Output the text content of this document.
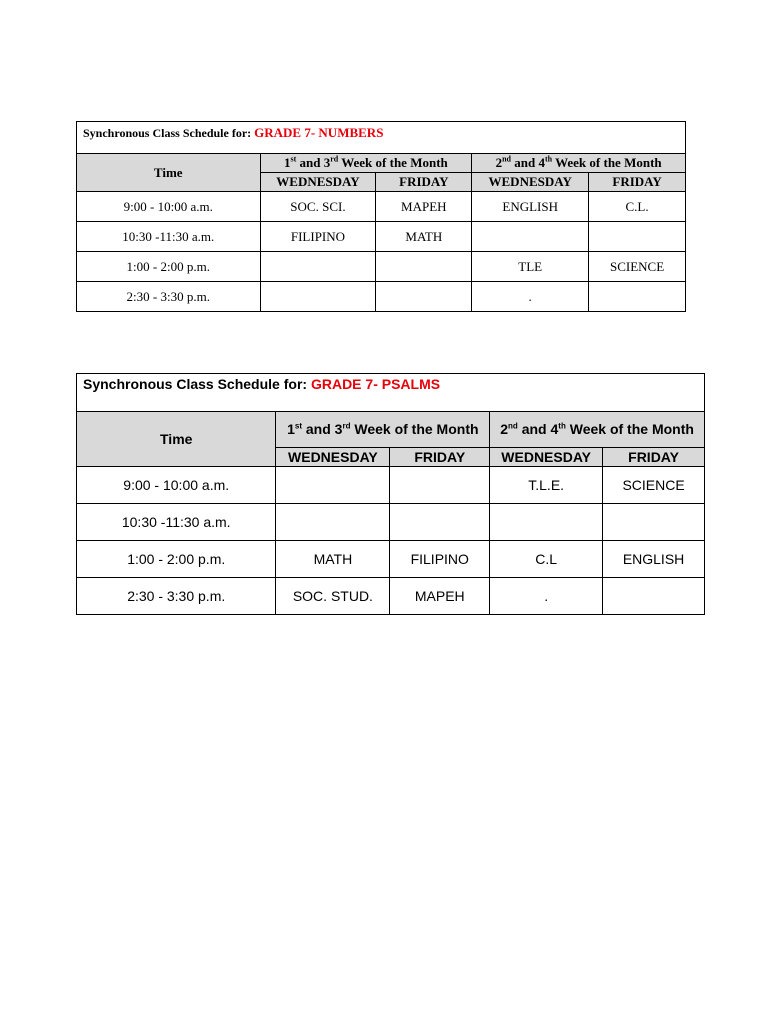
Synchronous Class Schedule for: GRADE 7- NUMBERS				
Time	1st and 3rd Week of the Month		2nd and 4th Week of the Month	
	WEDNESDAY	FRIDAY	WEDNESDAY	FRIDAY
9:00 - 10:00 a.m.	SOC. SCI.	MAPEH	ENGLISH	C.L.
10:30 -11:30 a.m.	FILIPINO	MATH		
1:00 - 2:00 p.m.			TLE	SCIENCE
2:30 - 3:30 p.m.			.	
Synchronous Class Schedule for: GRADE 7- PSALMS				
Time	1st and 3rd Week of the Month		2nd and 4th Week of the Month	
	WEDNESDAY	FRIDAY	WEDNESDAY	FRIDAY
9:00 - 10:00 a.m.			T.L.E.	SCIENCE
10:30 -11:30 a.m.				
1:00 - 2:00 p.m.	MATH	FILIPINO	C.L	ENGLISH
2:30 - 3:30 p.m.	SOC. STUD.	MAPEH	.	
